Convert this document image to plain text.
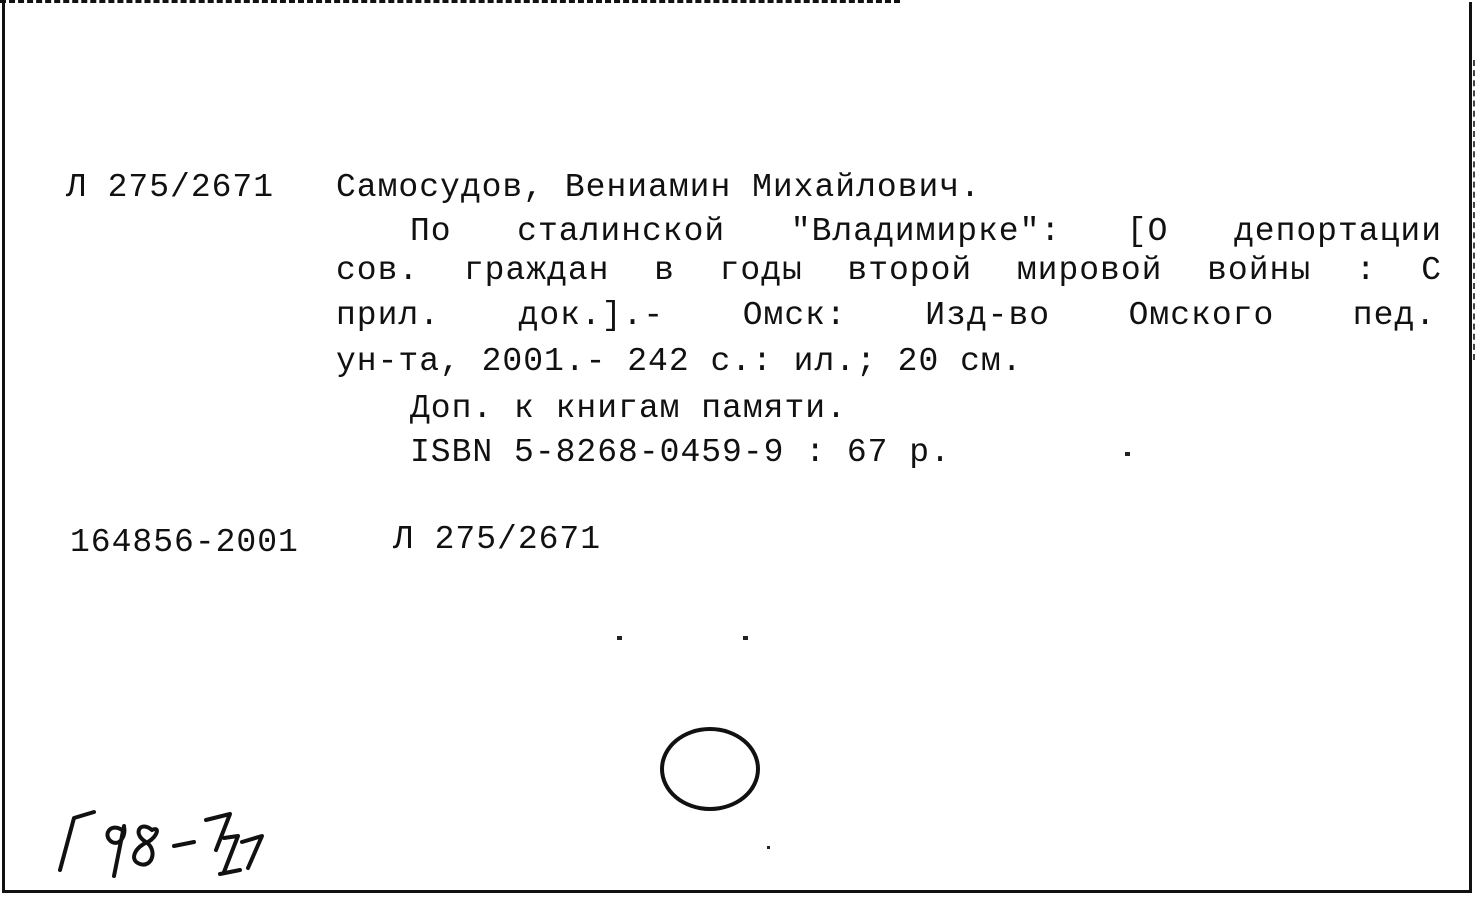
Л 275/2671 Самосудов, Вениамин Михайлович.
По сталинской "Владимирке": [О депортации
сов. граждан в годы второй мировой войны : С
прил. док.].- Омск: Изд-во Омского пед.
ун-та, 2001.- 242 с.: ил.; 20 см.
Доп. к книгам памяти.
ISBN 5-8268-0459-9 : 67 р.
164856-2001	Л 275/2671
